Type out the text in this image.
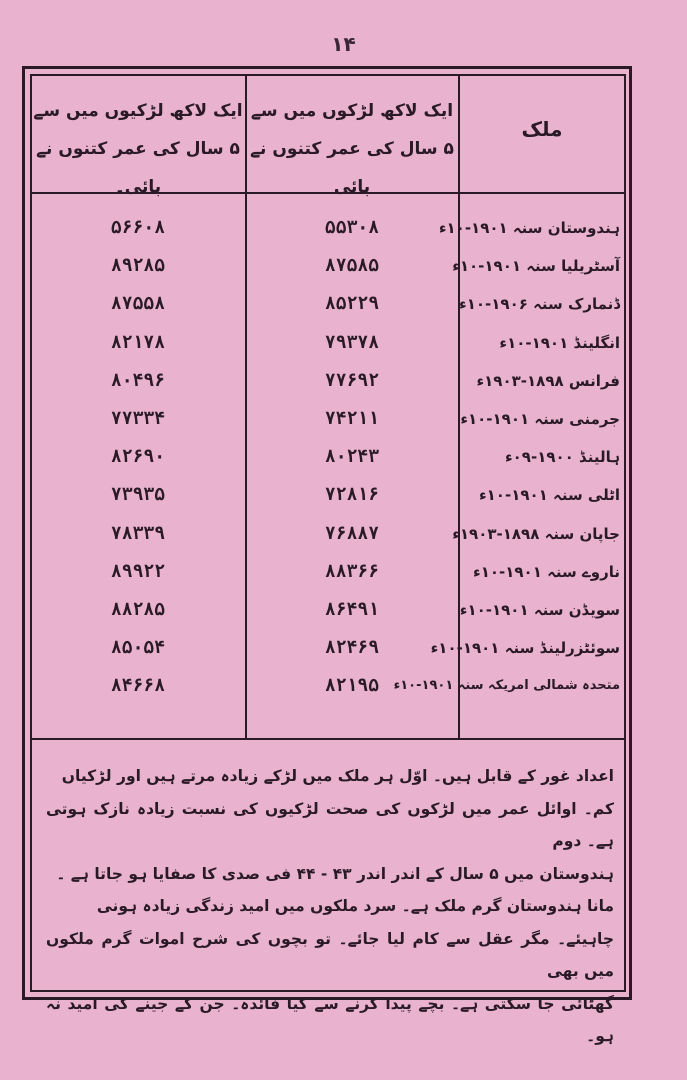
۱۴
ملک
ایک لاکھ لڑکوں میں سے ۵ سال کی عمر کتنوں نے پائی
ایک لاکھ لڑکیوں میں سے ۵ سال کی عمر کتنوں نے پائی۔
ہندوستان سنہ ۱۹۰۱-۱۰ء
۵۵۳۰۸
۵۶۶۰۸
آسٹریلیا سنہ ۱۹۰۱-۱۰ء
۸۷۵۸۵
۸۹۲۸۵
ڈنمارک سنہ ۱۹۰۶-۱۰ء
۸۵۲۲۹
۸۷۵۵۸
انگلینڈ ۱۹۰۱-۱۰ء
۷۹۳۷۸
۸۲۱۷۸
فرانس ۱۸۹۸-۱۹۰۳ء
۷۷۶۹۲
۸۰۴۹۶
جرمنی سنہ ۱۹۰۱-۱۰ء
۷۴۲۱۱
۷۷۳۳۴
ہالینڈ ۱۹۰۰-۰۹ء
۸۰۲۴۳
۸۲۶۹۰
اٹلی سنہ ۱۹۰۱-۱۰ء
۷۲۸۱۶
۷۳۹۳۵
جاپان سنہ ۱۸۹۸-۱۹۰۳ء
۷۶۸۸۷
۷۸۳۳۹
ناروے سنہ ۱۹۰۱-۱۰ء
۸۸۳۶۶
۸۹۹۲۲
سویڈن سنہ ۱۹۰۱-۱۰ء
۸۶۴۹۱
۸۸۲۸۵
سوئٹزرلینڈ سنہ ۱۹۰۱-۱۰ء
۸۲۴۶۹
۸۵۰۵۴
متحدہ شمالی امریکہ سنہ ۱۹۰۱-۱۰ء
۸۲۱۹۵
۸۴۶۶۸

اعداد غور کے قابل ہیں۔ اوّل ہر ملک میں لڑکے زیادہ مرتے ہیں اور لڑکیاں

کم۔ اوائل عمر میں لڑکوں کی صحت لڑکیوں کی نسبت زیادہ نازک ہوتی ہے۔ دوم

ہندوستان میں ۵ سال کے اندر اندر ۴۳ - ۴۴ فی صدی کا صفایا ہو جاتا ہے ۔

مانا ہندوستان گرم ملک ہے۔ سرد ملکوں میں امید زندگی زیادہ ہونی

چاہیئے۔ مگر عقل سے کام لیا جائے۔ تو بچوں کی شرح اموات گرم ملکوں میں بھی

گھٹائی جا سکتی ہے۔ بچے پیدا کرنے سے کیا فائدہ۔ جن کے جینے کی امید نہ ہو۔
